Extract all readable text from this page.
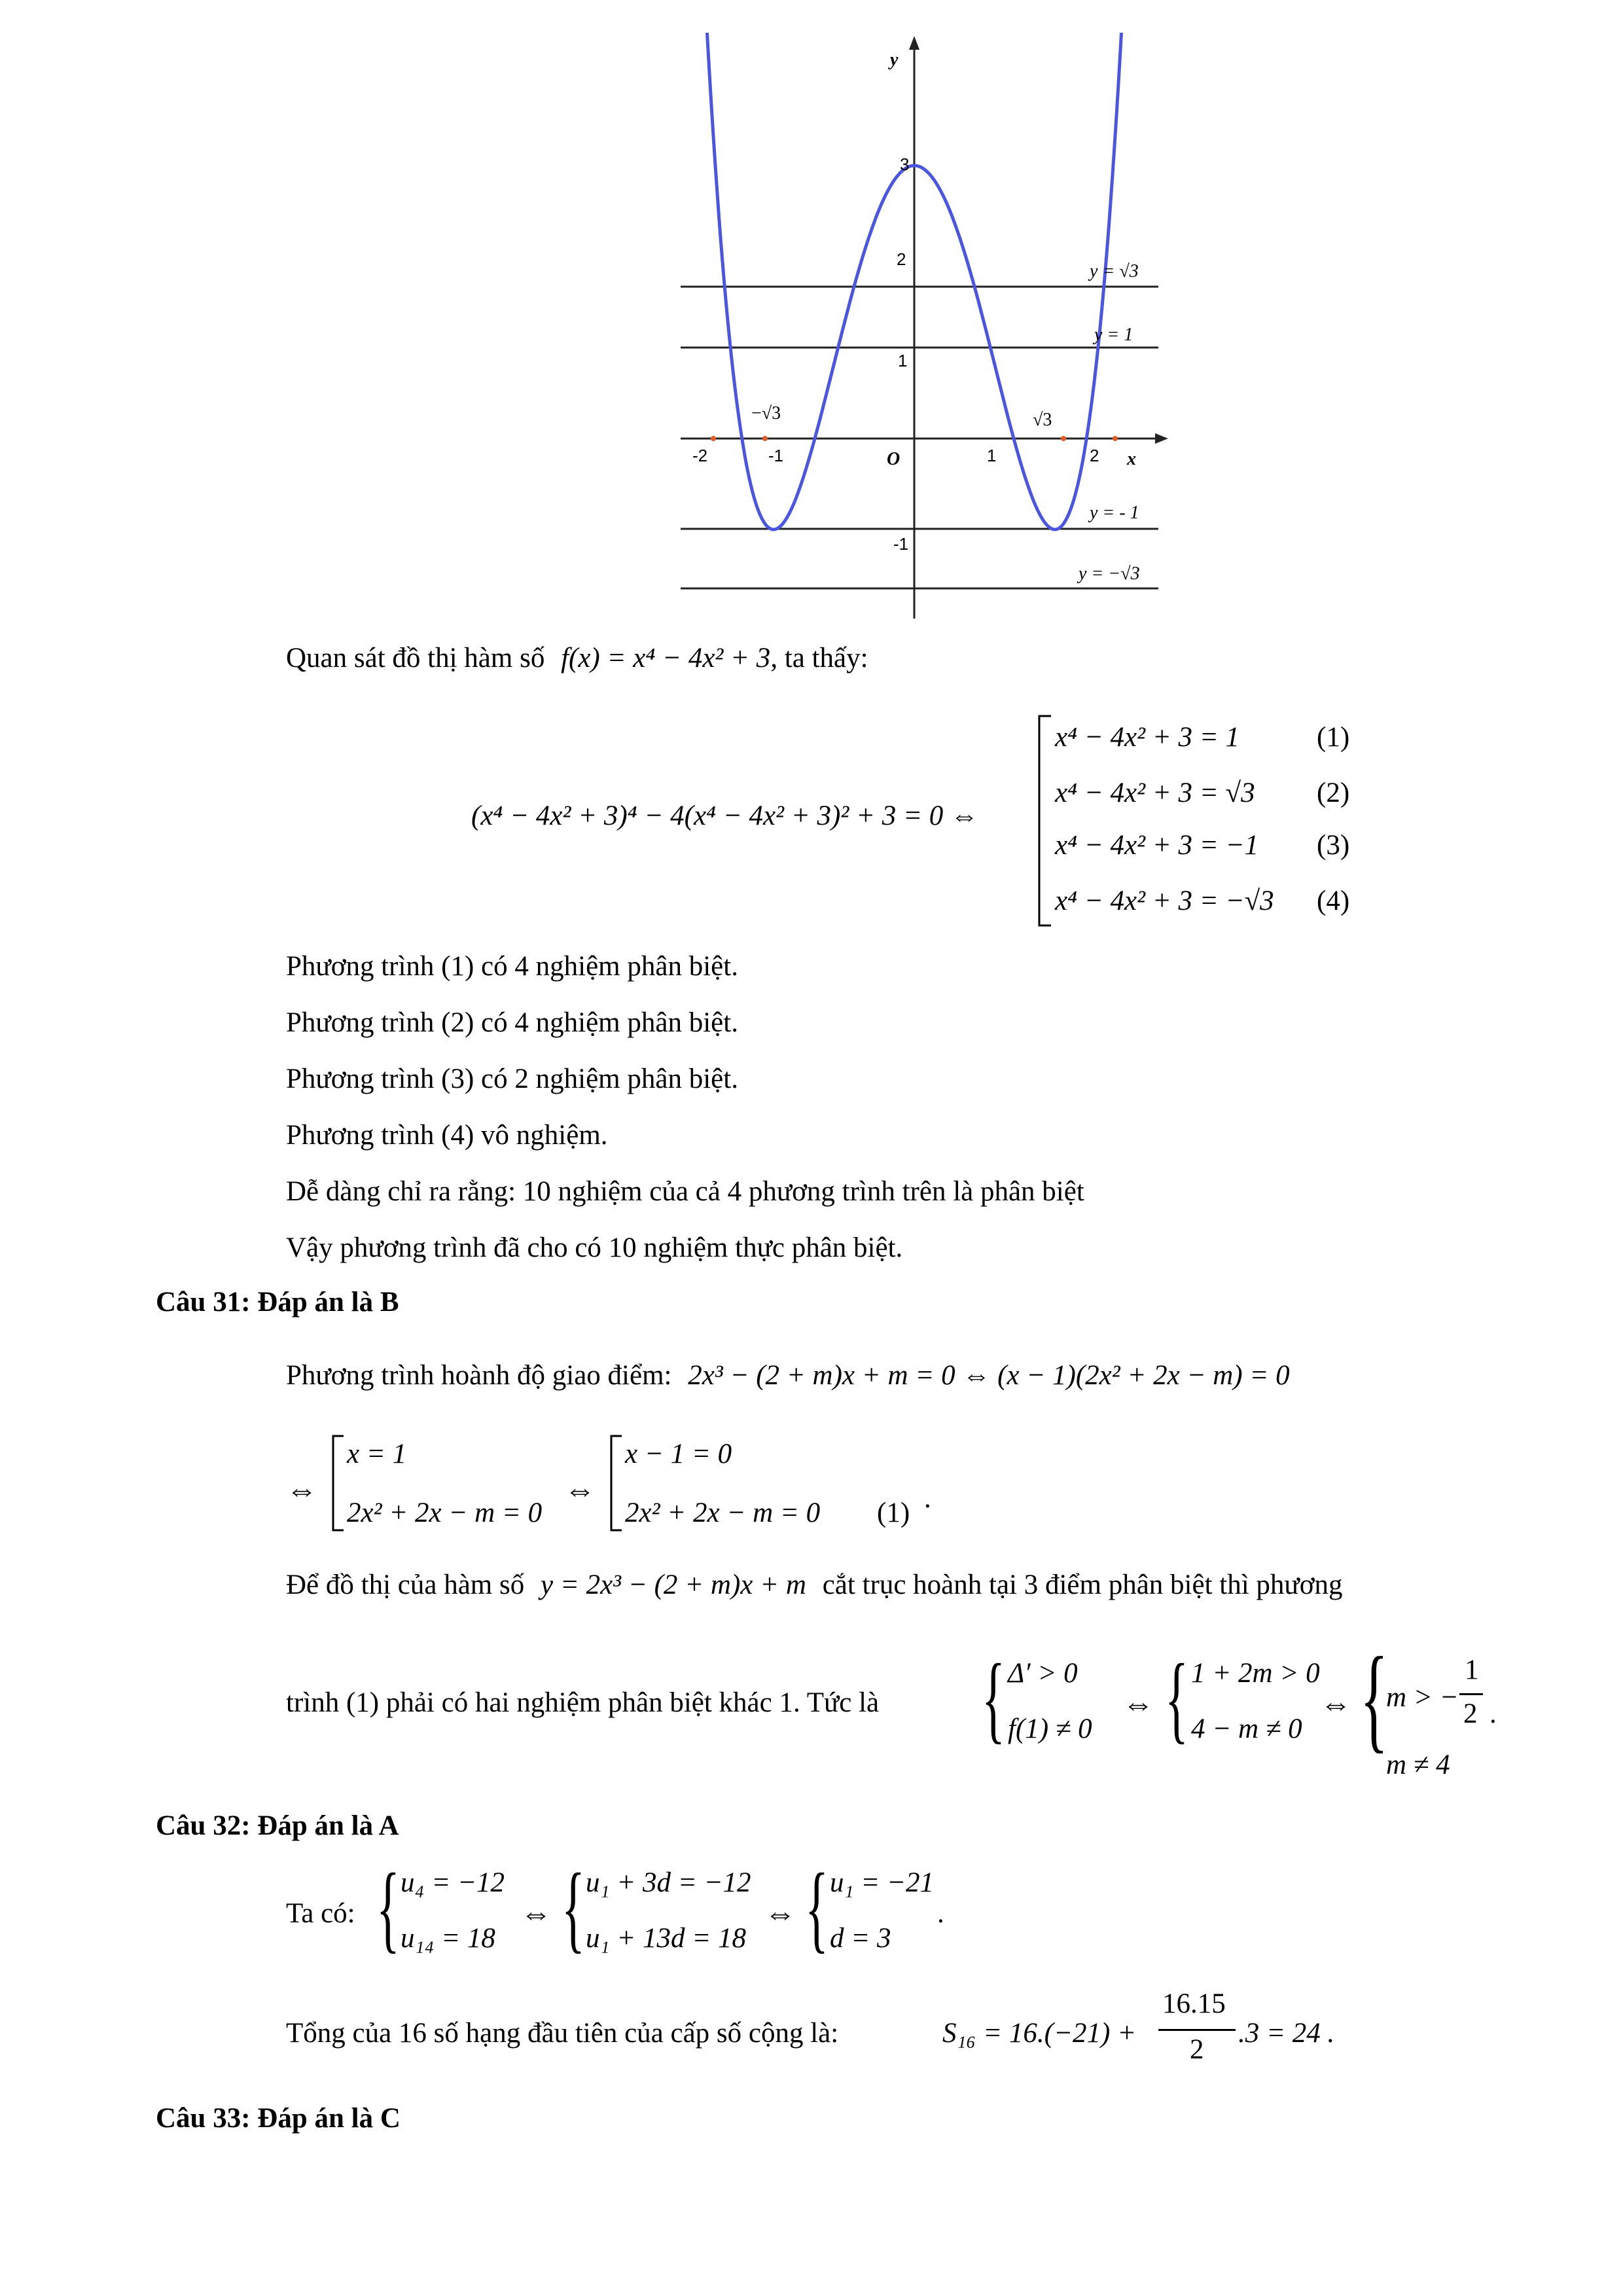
y
x
O
3
2
1
-1
-2	-1	1	2
−√3	√3
y = √3
y = 1
y = - 1
y = −√3
Quan sát đồ thị hàm số f(x) = x⁴ − 4x² + 3, ta thấy:
(x⁴ − 4x² + 3)⁴ − 4(x⁴ − 4x² + 3)² + 3 = 0 ⇔
x⁴ − 4x² + 3 = 1	(1)
x⁴ − 4x² + 3 = √3 (2)
x⁴ − 4x² + 3 = −1 (3)
x⁴ − 4x² + 3 = −√3 (4)
Phương trình (1) có 4 nghiệm phân biệt.
Phương trình (2) có 4 nghiệm phân biệt.
Phương trình (3) có 2 nghiệm phân biệt.
Phương trình (4) vô nghiệm.
Dễ dàng chỉ ra rằng: 10 nghiệm của cả 4 phương trình trên là phân biệt
Vậy phương trình đã cho có 10 nghiệm thực phân biệt.
Câu 31: Đáp án là B
Phương trình hoành độ giao điểm: 2x³ − (2 + m)x + m = 0 ⇔ (x − 1)(2x² + 2x − m) = 0
⇔
x = 1
2x² + 2x − m = 0
⇔
x − 1 = 0
2x² + 2x − m = 0 (1) .
Để đồ thị của hàm số y = 2x³ − (2 + m)x + m cắt trục hoành tại 3 điểm phân biệt thì phương
trình (1) phải có hai nghiệm phân biệt khác 1. Tức là { Δ′ > 0
f(1) ≠ 0
⇔ { 1 + 2m > 0
4 − m ≠ 0
⇔ {
m > −
1
2 .
m ≠ 4
Câu 32: Đáp án là A
Ta có: { u₄ = −12
u₁₄ = 18
⇔ { u₁ + 3d = −12
u₁ + 13d = 18
⇔ { u₁ = −21
d = 3
.
Tổng của 16 số hạng đầu tiên của cấp số cộng là:	S₁₆ = 16.(−21) +
16.15
2
.3 = 24 .
Câu 33: Đáp án là C
